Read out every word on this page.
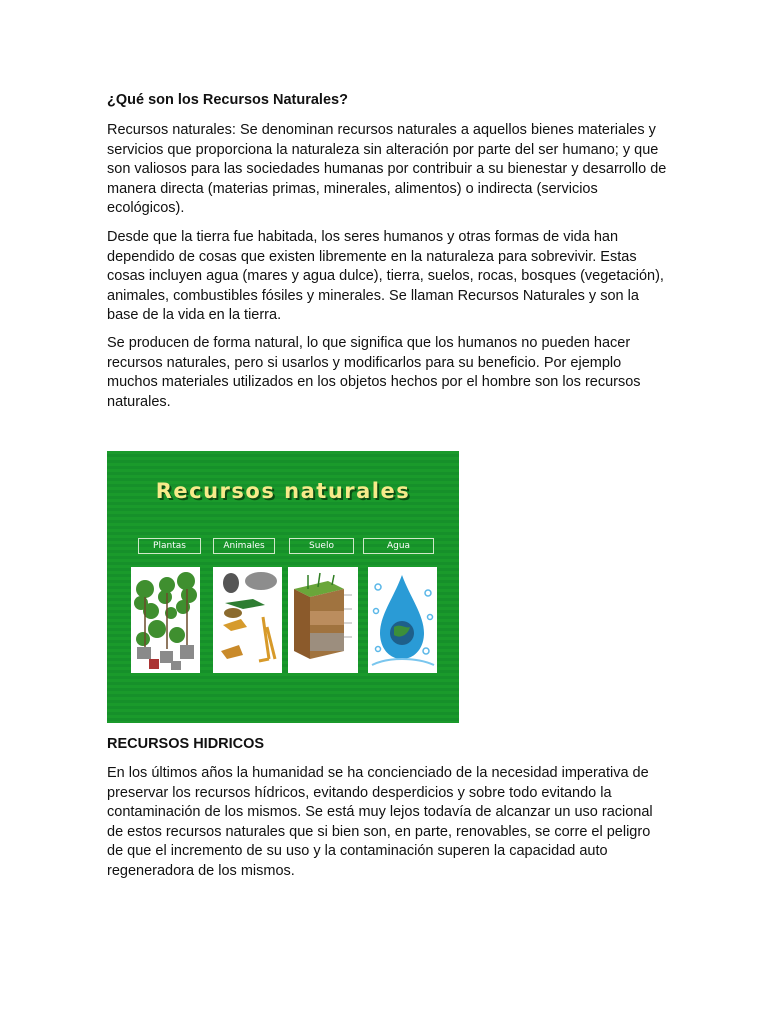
¿Qué son los Recursos Naturales?

Recursos naturales: Se denominan recursos naturales a aquellos bienes materiales y servicios que proporciona la naturaleza sin alteración por parte del ser humano; y que son valiosos para las sociedades humanas por contribuir a su bienestar y desarrollo de manera directa (materias primas, minerales, alimentos) o indirecta (servicios ecológicos).

Desde que la tierra fue habitada, los seres humanos y otras formas de vida han dependido de cosas que existen libremente en la naturaleza para sobrevivir. Estas cosas incluyen agua (mares y agua dulce), tierra, suelos, rocas, bosques (vegetación), animales, combustibles fósiles y minerales. Se llaman Recursos Naturales y son la base de la vida en la tierra.

Se producen de forma natural, lo que significa que los humanos no pueden hacer recursos naturales, pero si usarlos y modificarlos para su beneficio. Por ejemplo muchos materiales utilizados en los objetos hechos por el hombre son los recursos naturales.

RECURSOS HIDRICOS

En los últimos años la humanidad se ha concienciado de la necesidad imperativa de preservar los recursos hídricos, evitando desperdicios y sobre todo evitando la contaminación de los mismos. Se está muy lejos todavía de alcanzar un uso racional de estos recursos naturales que si bien son, en parte, renovables, se corre el peligro de que el incremento de su uso y la contaminación superen la capacidad auto regeneradora de los mismos.

Recursos naturales
Plantas	Animales	Suelo	Agua
